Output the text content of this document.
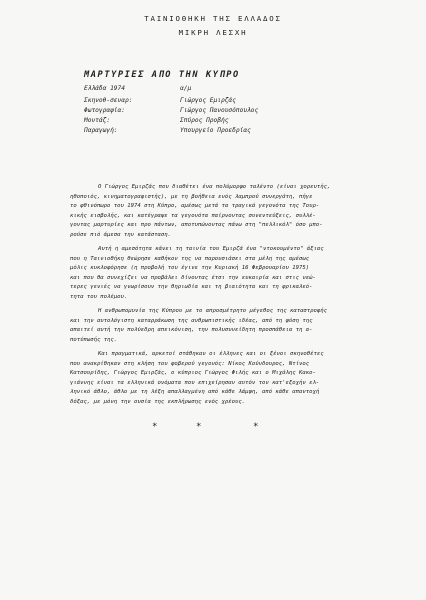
ΤΑΙΝΙΟΘΗΚΗ ΤΗΣ ΕΛΛΑΔΟΣ
ΜΙΚΡΗ ΛΕΣΧΗ
ΜΑΡΤΥΡΙΕΣ ΑΠΟ ΤΗΝ ΚΥΠΡΟ
Ελλάδα 1974	α/μ
Σκηνοθ-σεναρ:	Γιώργος Εμιρζάς
Φωτογραφία:	Γιώργος Πανουσόπουλος
Μοντάζ:	Σπύρος Προβής
Παραγωγή:	Υπουργείο Προεδρίας
Ο Γιώργος Εμιρζάς που διαθέτει ένα πολύμορφο ταλέντο (είναι χορευτής,
ηθοποιός, κινηματογραφιστής), με τη βοήθεια ενός λαμπρού συνεργάτη, πήγε
το φθινόπωρο του 1974 στη Κύπρο, αμέσως μετά τα τραγικά γεγονότα της Τουρ-
κικής εισβολής, και κατέγραψε τα γεγονότα παίρνοντας συνεντεύξεις, συλλέ-
γοντας μαρτυρίες και προ πάντων, αποτυπώνοντας πάνω στη "πελλικόλ" όσο μπο-
ρούσε πιό άμεσα την κατάσταση.
Αυτή η αμεσότητα κάνει τη ταινία του Εμιρζά ένα "ντοκουμέντο" άξιας
που η Ταινιοθήκη θεώρησε καθήκον της να παρουσιάσει στα μέλη της αμέσως
μόλις κυκλοφόρησε (η προβολή του έγινε την Κυριακή 16 Φεβρουαρίου 1975)
και που θα συνεχίζει να προβάλει δίνοντας έτσι την ευκαιρία και στις νεώ-
τερες γενιές να γνωρίσουν την θηριωδία και τη βιαιότητα και τη φρικαλεό-
τητα του πολέμου.
Η ανθρωπομυνία της Κύπρου με το απροσμέτρητο μέγεθος της καταστροφής
και την αυτολόγιστη καταρράκωση της ανθρωπιστικής ιδέας, από τη φύση της
απαιτεί αυτή την πολύεδρη απεικόνιση, την πολυσυνείδητη προσπάθεια τη α-
ποτύπωσής της.
Και πραγματικά, αρκετοί στάθηκαν οι έλληνες και οι ξένοι σκηνοθέτες
που ανακρίθηκαν στη κλήση του φοβερού γεγονός: Νίκος Κούνδουρος, Ντίνος
Κατσουρίδης, Γιώργος Εμιρζάς, ο κύπριος Γιώργος Φιλής και ο Μιχάλης Κακο-
γιάννης είναι τα ελληνικά ονόματα που επιχείρησαν αυτόν τον κατ'εξοχήν ελ-
ληνικό άθλο, άθλο με τη λέξη απαλλαγμένη από κάθε λάμψη, από κάθε απαντοχή
δόξας, με μόνη την ουσία της εκπλήρωσης ενός χρέους.
*	*	*
